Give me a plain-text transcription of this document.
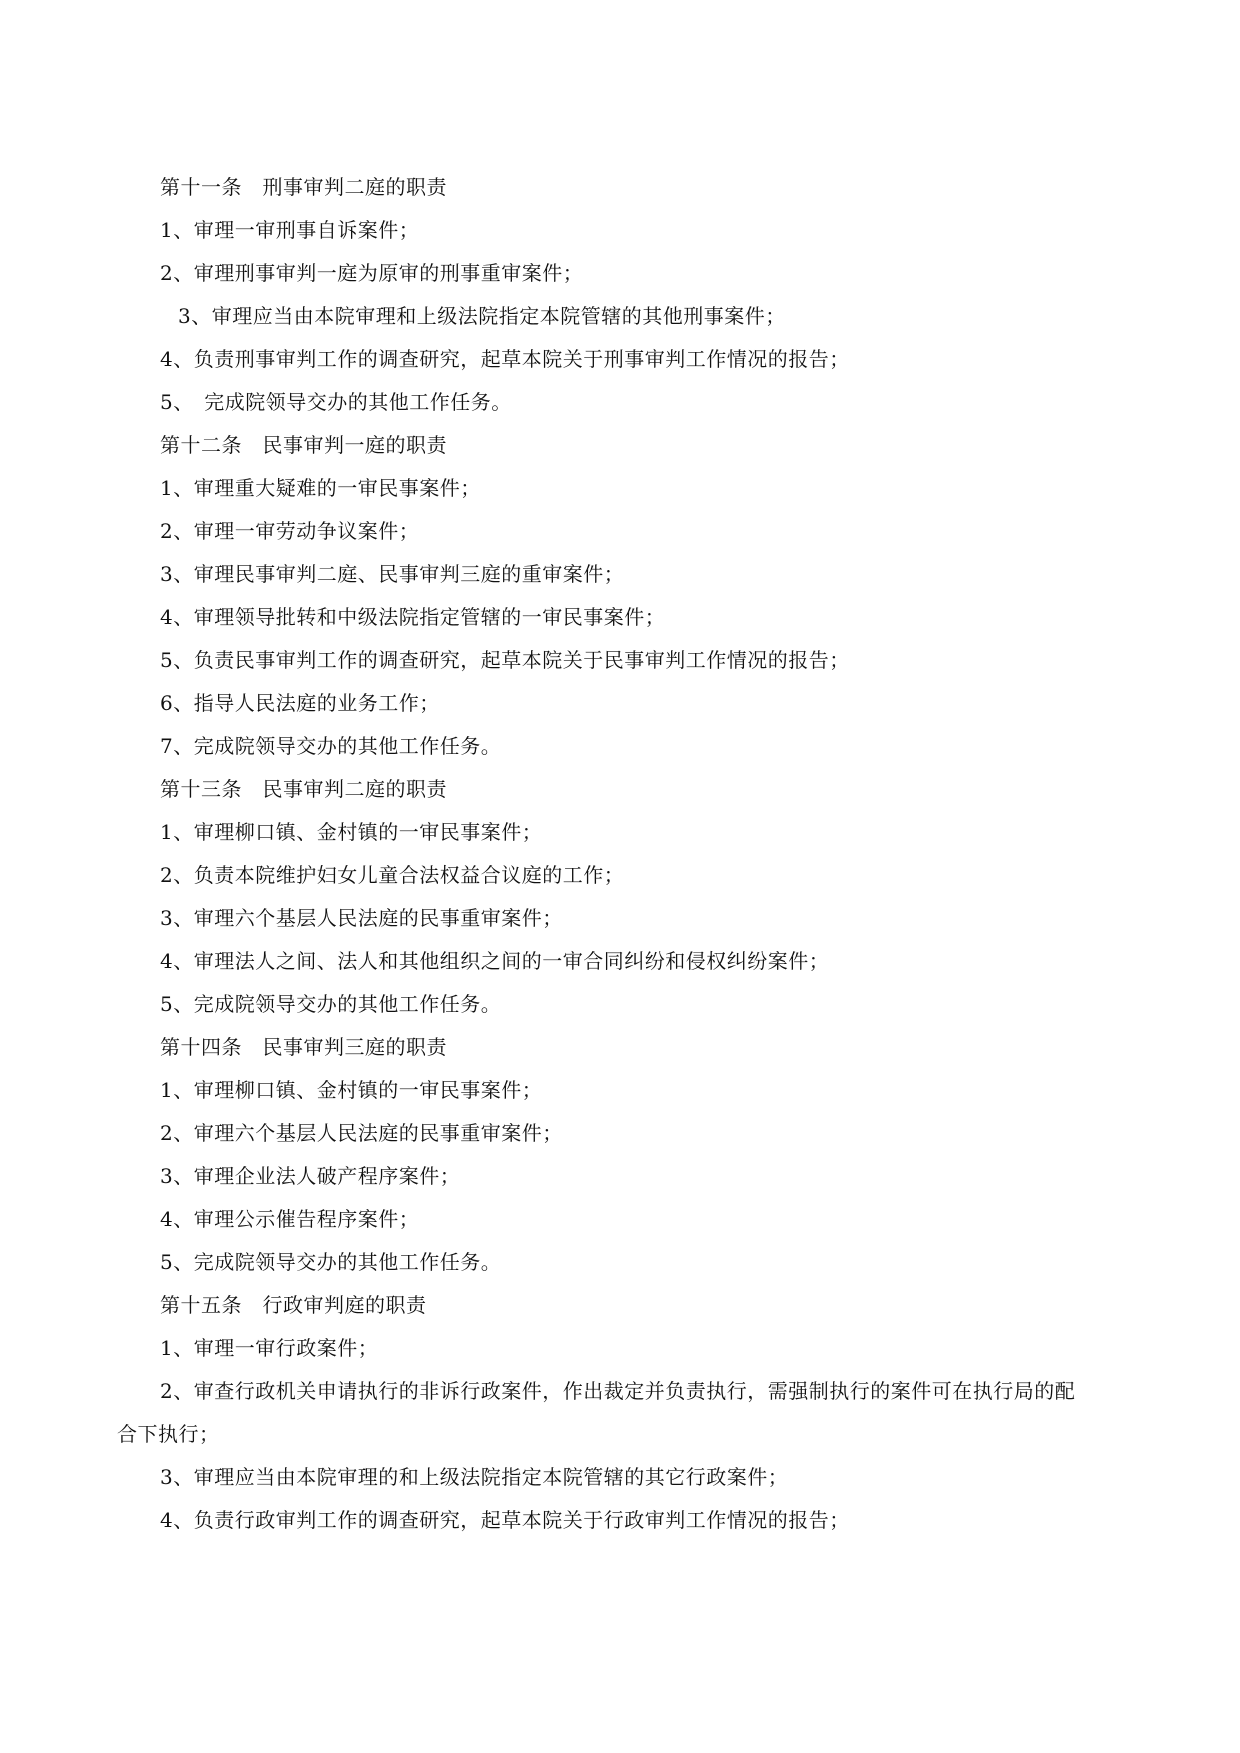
第十一条　刑事审判二庭的职责
1、审理一审刑事自诉案件；
2、审理刑事审判一庭为原审的刑事重审案件；
3、审理应当由本院审理和上级法院指定本院管辖的其他刑事案件；
4、负责刑事审判工作的调查研究，起草本院关于刑事审判工作情况的报告；
5、　完成院领导交办的其他工作任务。
第十二条　民事审判一庭的职责
1、审理重大疑难的一审民事案件；
2、审理一审劳动争议案件；
3、审理民事审判二庭、民事审判三庭的重审案件；
4、审理领导批转和中级法院指定管辖的一审民事案件；
5、负责民事审判工作的调查研究，起草本院关于民事审判工作情况的报告；
6、指导人民法庭的业务工作；
7、完成院领导交办的其他工作任务。
第十三条　民事审判二庭的职责
1、审理柳口镇、金村镇的一审民事案件；
2、负责本院维护妇女儿童合法权益合议庭的工作；
3、审理六个基层人民法庭的民事重审案件；
4、审理法人之间、法人和其他组织之间的一审合同纠纷和侵权纠纷案件；
5、完成院领导交办的其他工作任务。
第十四条　民事审判三庭的职责
1、审理柳口镇、金村镇的一审民事案件；
2、审理六个基层人民法庭的民事重审案件；
3、审理企业法人破产程序案件；
4、审理公示催告程序案件；
5、完成院领导交办的其他工作任务。
第十五条　行政审判庭的职责
1、审理一审行政案件；
2、审查行政机关申请执行的非诉行政案件，作出裁定并负责执行，需强制执行的案件可在执行局的配
合下执行；
3、审理应当由本院审理的和上级法院指定本院管辖的其它行政案件；
4、负责行政审判工作的调查研究，起草本院关于行政审判工作情况的报告；
